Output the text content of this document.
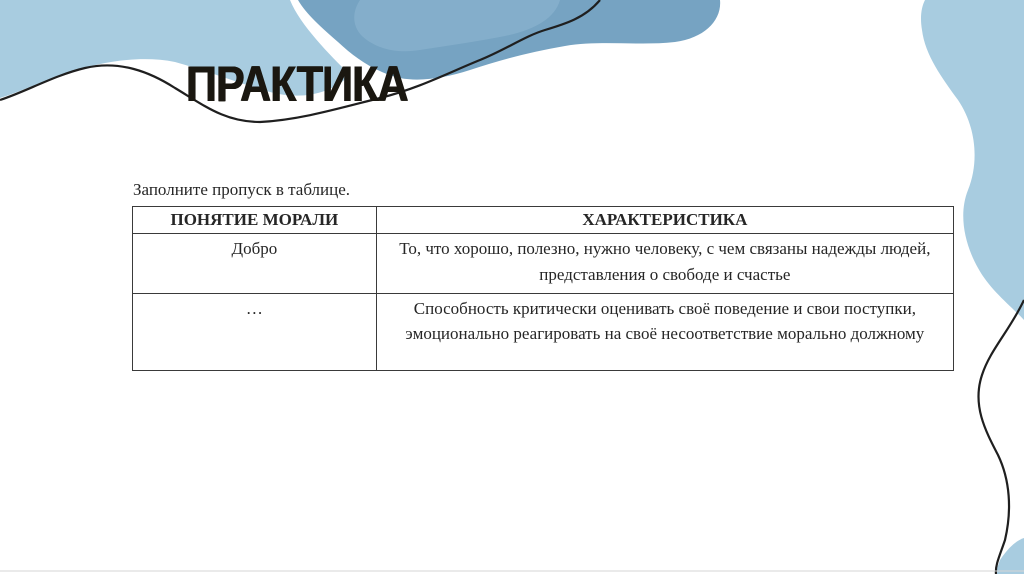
ПРАКТИКА
Заполните пропуск в таблице.
ПОНЯТИЕ МОРАЛИ	ХАРАКТЕРИСТИКА
Добро	То, что хорошо, полезно, нужно человеку, с чем связаны надежды людей, представления о свободе и счастье
…	Способность критически оценивать своё поведение и свои поступки, эмоционально реагировать на своё несоответствие морально должному
